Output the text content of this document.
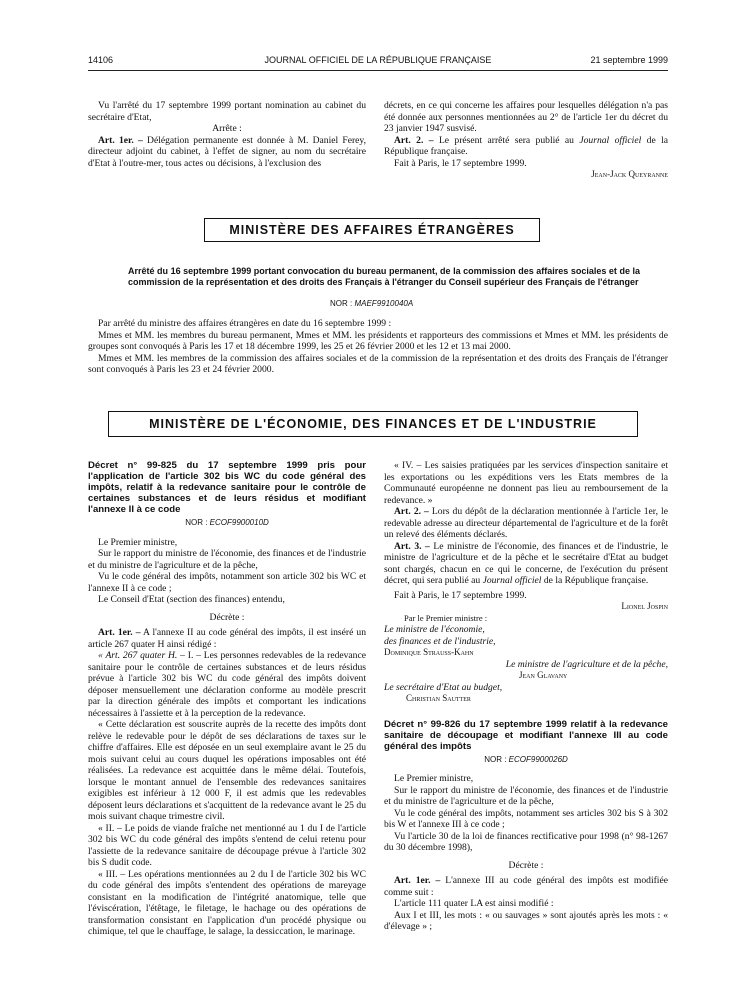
14106	JOURNAL OFFICIEL DE LA RÉPUBLIQUE FRANÇAISE	21 septembre 1999

Vu l'arrêté du 17 septembre 1999 portant nomination au cabinet du secrétaire d'Etat,

Arrête :

Art. 1er. – Délégation permanente est donnée à M. Daniel Ferey, directeur adjoint du cabinet, à l'effet de signer, au nom du secrétaire d'Etat à l'outre-mer, tous actes ou décisions, à l'exclusion des

décrets, en ce qui concerne les affaires pour lesquelles délégation n'a pas été donnée aux personnes mentionnées au 2° de l'article 1er du décret du 23 janvier 1947 susvisé.

Art. 2. – Le présent arrêté sera publié au Journal officiel de la République française.

Fait à Paris, le 17 septembre 1999.

Jean-Jack Queyranne

MINISTÈRE DES AFFAIRES ÉTRANGÈRES
Arrêté du 16 septembre 1999 portant convocation du bureau permanent, de la commission des affaires sociales et de la commission de la représentation et des droits des Français à l'étranger du Conseil supérieur des Français de l'étranger
NOR : MAEF9910040A

Par arrêté du ministre des affaires étrangères en date du 16 septembre 1999 :

Mmes et MM. les membres du bureau permanent, Mmes et MM. les présidents et rapporteurs des commissions et Mmes et MM. les présidents de groupes sont convoqués à Paris les 17 et 18 décembre 1999, les 25 et 26 février 2000 et les 12 et 13 mai 2000.

Mmes et MM. les membres de la commission des affaires sociales et de la commission de la représentation et des droits des Français de l'étranger sont convoqués à Paris les 23 et 24 février 2000.

MINISTÈRE DE L'ÉCONOMIE, DES FINANCES ET DE L'INDUSTRIE

Décret n° 99-825 du 17 septembre 1999 pris pour l'application de l'article 302 bis WC du code général des impôts, relatif à la redevance sanitaire pour le contrôle de certaines substances et de leurs résidus et modifiant l'annexe II à ce code

NOR : ECOF9900010D

Le Premier ministre,

Sur le rapport du ministre de l'économie, des finances et de l'industrie et du ministre de l'agriculture et de la pêche,

Vu le code général des impôts, notamment son article 302 bis WC et l'annexe II à ce code ;

Le Conseil d'Etat (section des finances) entendu,

Décrète :

Art. 1er. – A l'annexe II au code général des impôts, il est inséré un article 267 quater H ainsi rédigé :

« Art. 267 quater H. – I. – Les personnes redevables de la redevance sanitaire pour le contrôle de certaines substances et de leurs résidus prévue à l'article 302 bis WC du code général des impôts doivent déposer mensuellement une déclaration conforme au modèle prescrit par la direction générale des impôts et comportant les indications nécessaires à l'assiette et à la perception de la redevance.

« Cette déclaration est souscrite auprès de la recette des impôts dont relève le redevable pour le dépôt de ses déclarations de taxes sur le chiffre d'affaires. Elle est déposée en un seul exemplaire avant le 25 du mois suivant celui au cours duquel les opérations imposables ont été réalisées. La redevance est acquittée dans le même délai. Toutefois, lorsque le montant annuel de l'ensemble des redevances sanitaires exigibles est inférieur à 12 000 F, il est admis que les redevables déposent leurs déclarations et s'acquittent de la redevance avant le 25 du mois suivant chaque trimestre civil.

« II. – Le poids de viande fraîche net mentionné au 1 du I de l'article 302 bis WC du code général des impôts s'entend de celui retenu pour l'assiette de la redevance sanitaire de découpage prévue à l'article 302 bis S dudit code.

« III. – Les opérations mentionnées au 2 du I de l'article 302 bis WC du code général des impôts s'entendent des opérations de mareyage consistant en la modification de l'intégrité anatomique, telle que l'éviscération, l'étêtage, le filetage, le hachage ou des opérations de transformation consistant en l'application d'un procédé physique ou chimique, tel que le chauffage, le salage, la dessiccation, le marinage.

« IV. – Les saisies pratiquées par les services d'inspection sanitaire et les exportations ou les expéditions vers les Etats membres de la Communauté européenne ne donnent pas lieu au remboursement de la redevance. »

Art. 2. – Lors du dépôt de la déclaration mentionnée à l'article 1er, le redevable adresse au directeur départemental de l'agriculture et de la forêt un relevé des éléments déclarés.

Art. 3. – Le ministre de l'économie, des finances et de l'industrie, le ministre de l'agriculture et de la pêche et le secrétaire d'Etat au budget sont chargés, chacun en ce qui le concerne, de l'exécution du présent décret, qui sera publié au Journal officiel de la République française.

Fait à Paris, le 17 septembre 1999.

Lionel Jospin

Par le Premier ministre :

Le ministre de l'économie,

des finances et de l'industrie,

Dominique Strauss-Kahn

Le ministre de l'agriculture et de la pêche,

Jean Glavany

Le secrétaire d'Etat au budget,

Christian Sautter

Décret n° 99-826 du 17 septembre 1999 relatif à la redevance sanitaire de découpage et modifiant l'annexe III au code général des impôts

NOR : ECOF9900026D

Le Premier ministre,

Sur le rapport du ministre de l'économie, des finances et de l'industrie et du ministre de l'agriculture et de la pêche,

Vu le code général des impôts, notamment ses articles 302 bis S à 302 bis W et l'annexe III à ce code ;

Vu l'article 30 de la loi de finances rectificative pour 1998 (n° 98-1267 du 30 décembre 1998),

Décrète :

Art. 1er. – L'annexe III au code général des impôts est modifiée comme suit :

L'article 111 quater LA est ainsi modifié :

Aux I et III, les mots : « ou sauvages » sont ajoutés après les mots : « d'élevage » ;
